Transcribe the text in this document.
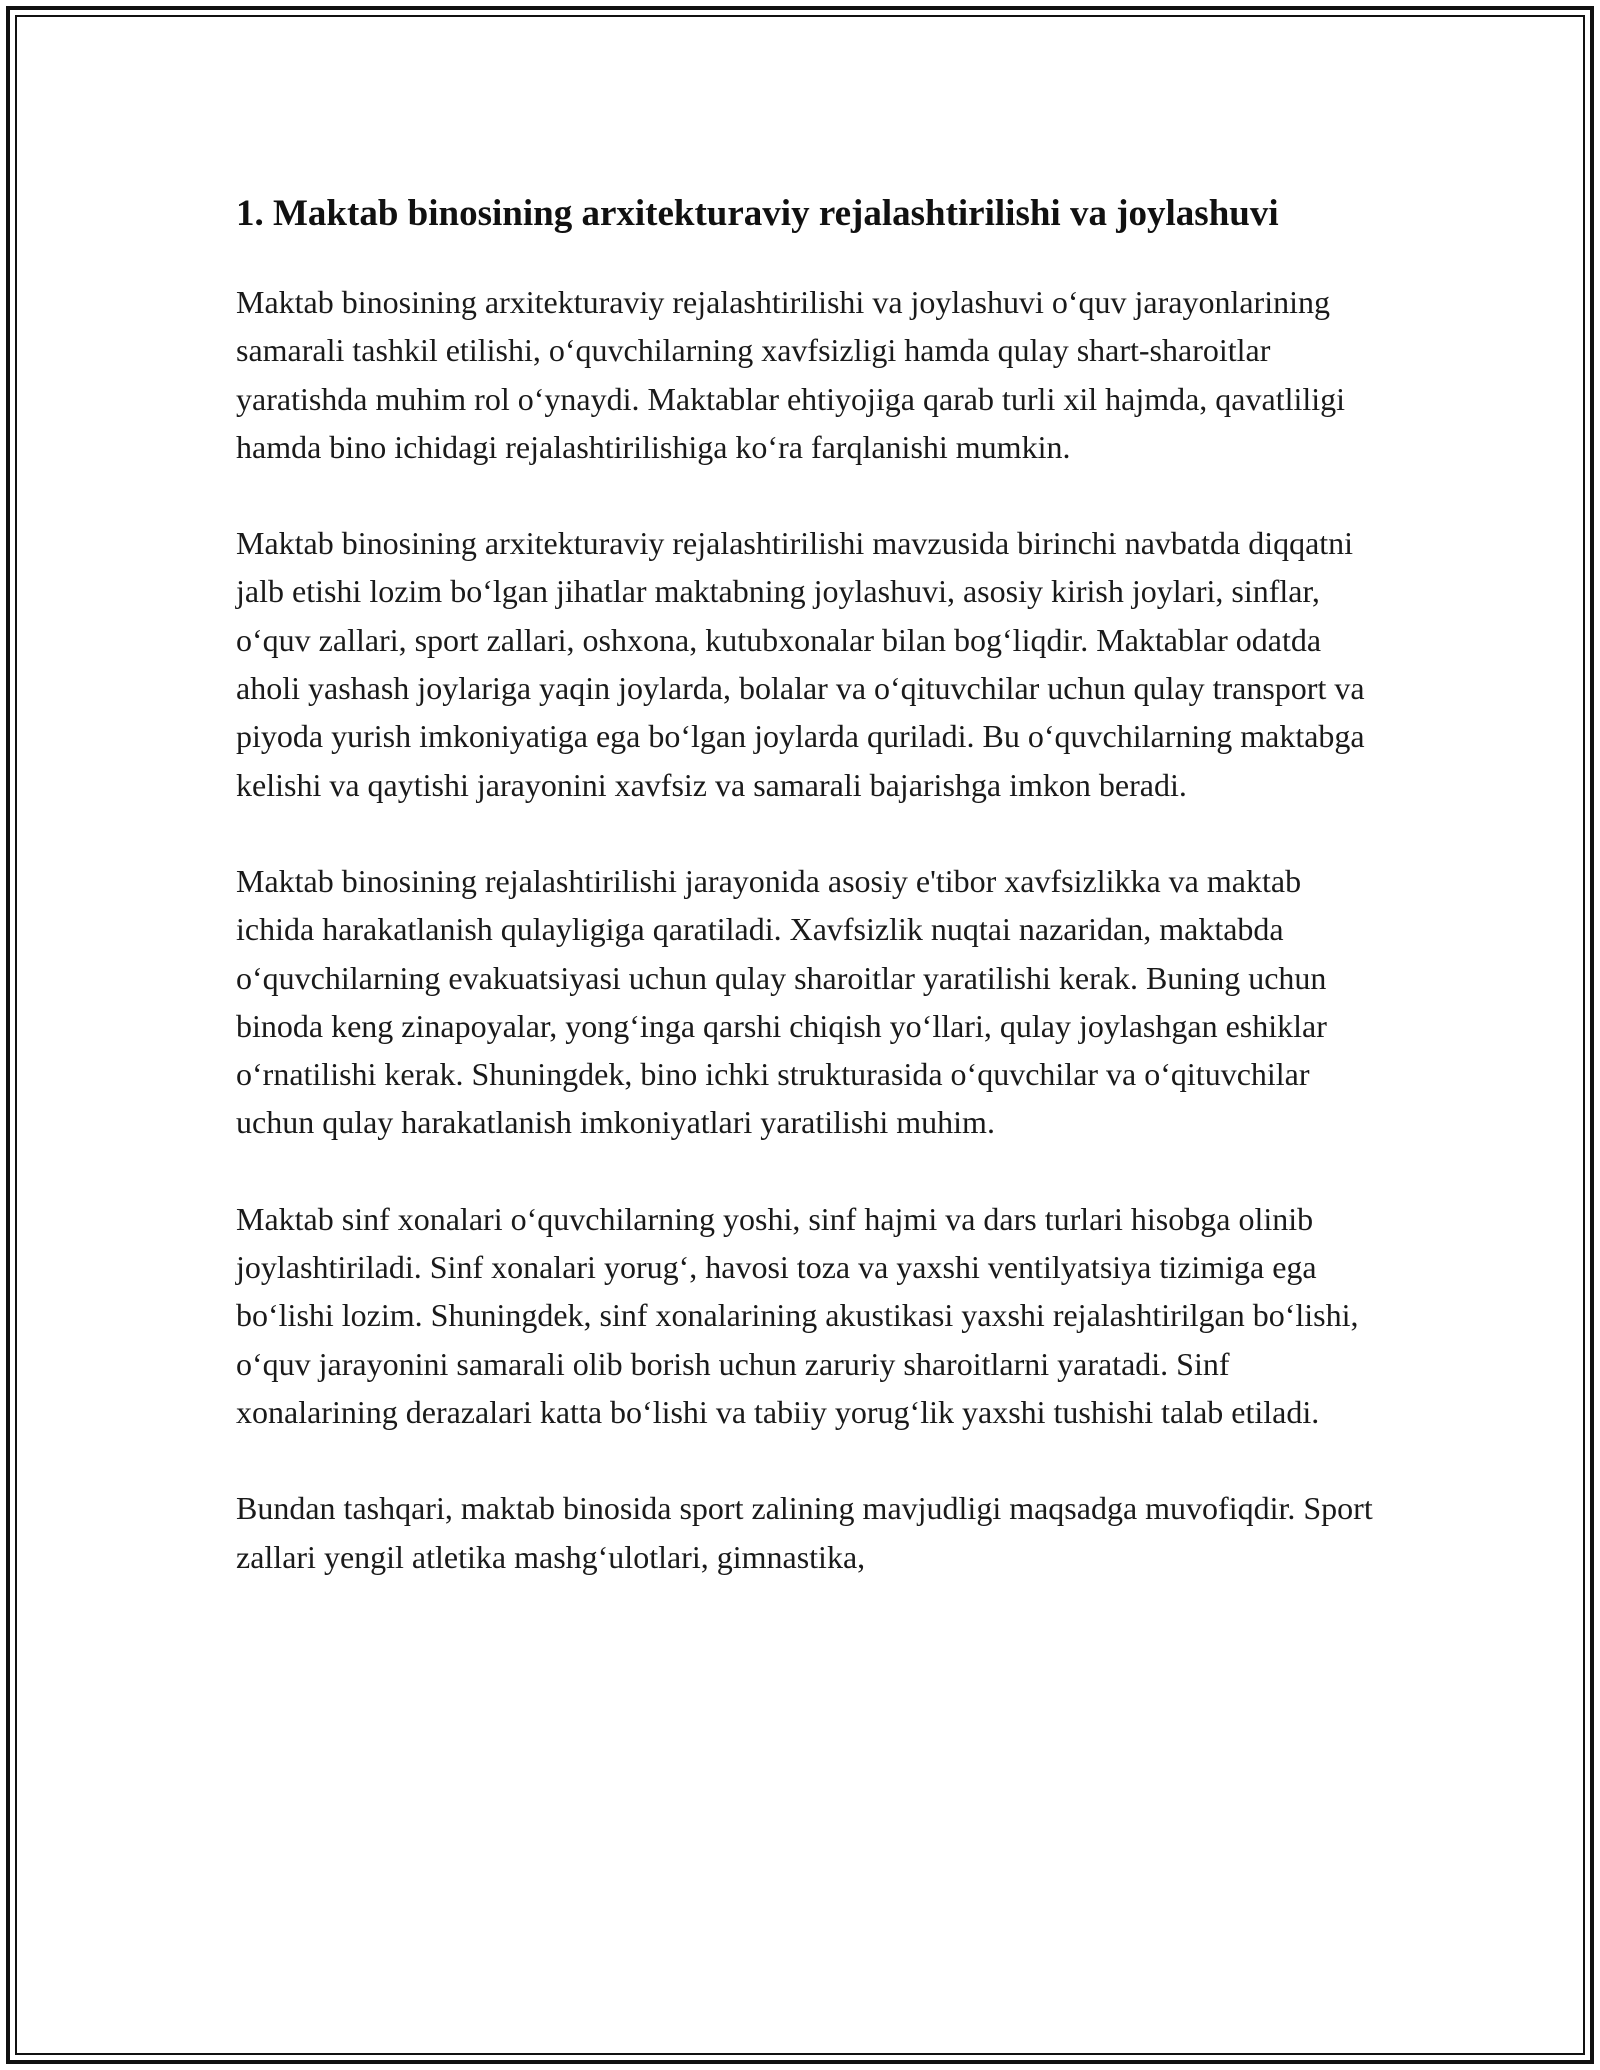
1. Maktab binosining arxitekturaviy rejalashtirilishi va joylashuvi

Maktab binosining arxitekturaviy rejalashtirilishi va joylashuvi o‘quv jarayonlarining samarali tashkil etilishi, o‘quvchilarning xavfsizligi hamda qulay shart-sharoitlar yaratishda muhim rol o‘ynaydi. Maktablar ehtiyojiga qarab turli xil hajmda, qavatliligi hamda bino ichidagi rejalashtirilishiga ko‘ra farqlanishi mumkin.

Maktab binosining arxitekturaviy rejalashtirilishi mavzusida birinchi navbatda diqqatni jalb etishi lozim bo‘lgan jihatlar maktabning joylashuvi, asosiy kirish joylari, sinflar, o‘quv zallari, sport zallari, oshxona, kutubxonalar bilan bog‘liqdir. Maktablar odatda aholi yashash joylariga yaqin joylarda, bolalar va o‘qituvchilar uchun qulay transport va piyoda yurish imkoniyatiga ega bo‘lgan joylarda quriladi. Bu o‘quvchilarning maktabga kelishi va qaytishi jarayonini xavfsiz va samarali bajarishga imkon beradi.

Maktab binosining rejalashtirilishi jarayonida asosiy e'tibor xavfsizlikka va maktab ichida harakatlanish qulayligiga qaratiladi. Xavfsizlik nuqtai nazaridan, maktabda o‘quvchilarning evakuatsiyasi uchun qulay sharoitlar yaratilishi kerak. Buning uchun binoda keng zinapoyalar, yong‘inga qarshi chiqish yo‘llari, qulay joylashgan eshiklar o‘rnatilishi kerak. Shuningdek, bino ichki strukturasida o‘quvchilar va o‘qituvchilar uchun qulay harakatlanish imkoniyatlari yaratilishi muhim.

Maktab sinf xonalari o‘quvchilarning yoshi, sinf hajmi va dars turlari hisobga olinib joylashtiriladi. Sinf xonalari yorug‘, havosi toza va yaxshi ventilyatsiya tizimiga ega bo‘lishi lozim. Shuningdek, sinf xonalarining akustikasi yaxshi rejalashtirilgan bo‘lishi, o‘quv jarayonini samarali olib borish uchun zaruriy sharoitlarni yaratadi. Sinf xonalarining derazalari katta bo‘lishi va tabiiy yorug‘lik yaxshi tushishi talab etiladi.

Bundan tashqari, maktab binosida sport zalining mavjudligi maqsadga muvofiqdir. Sport zallari yengil atletika mashg‘ulotlari, gimnastika,
